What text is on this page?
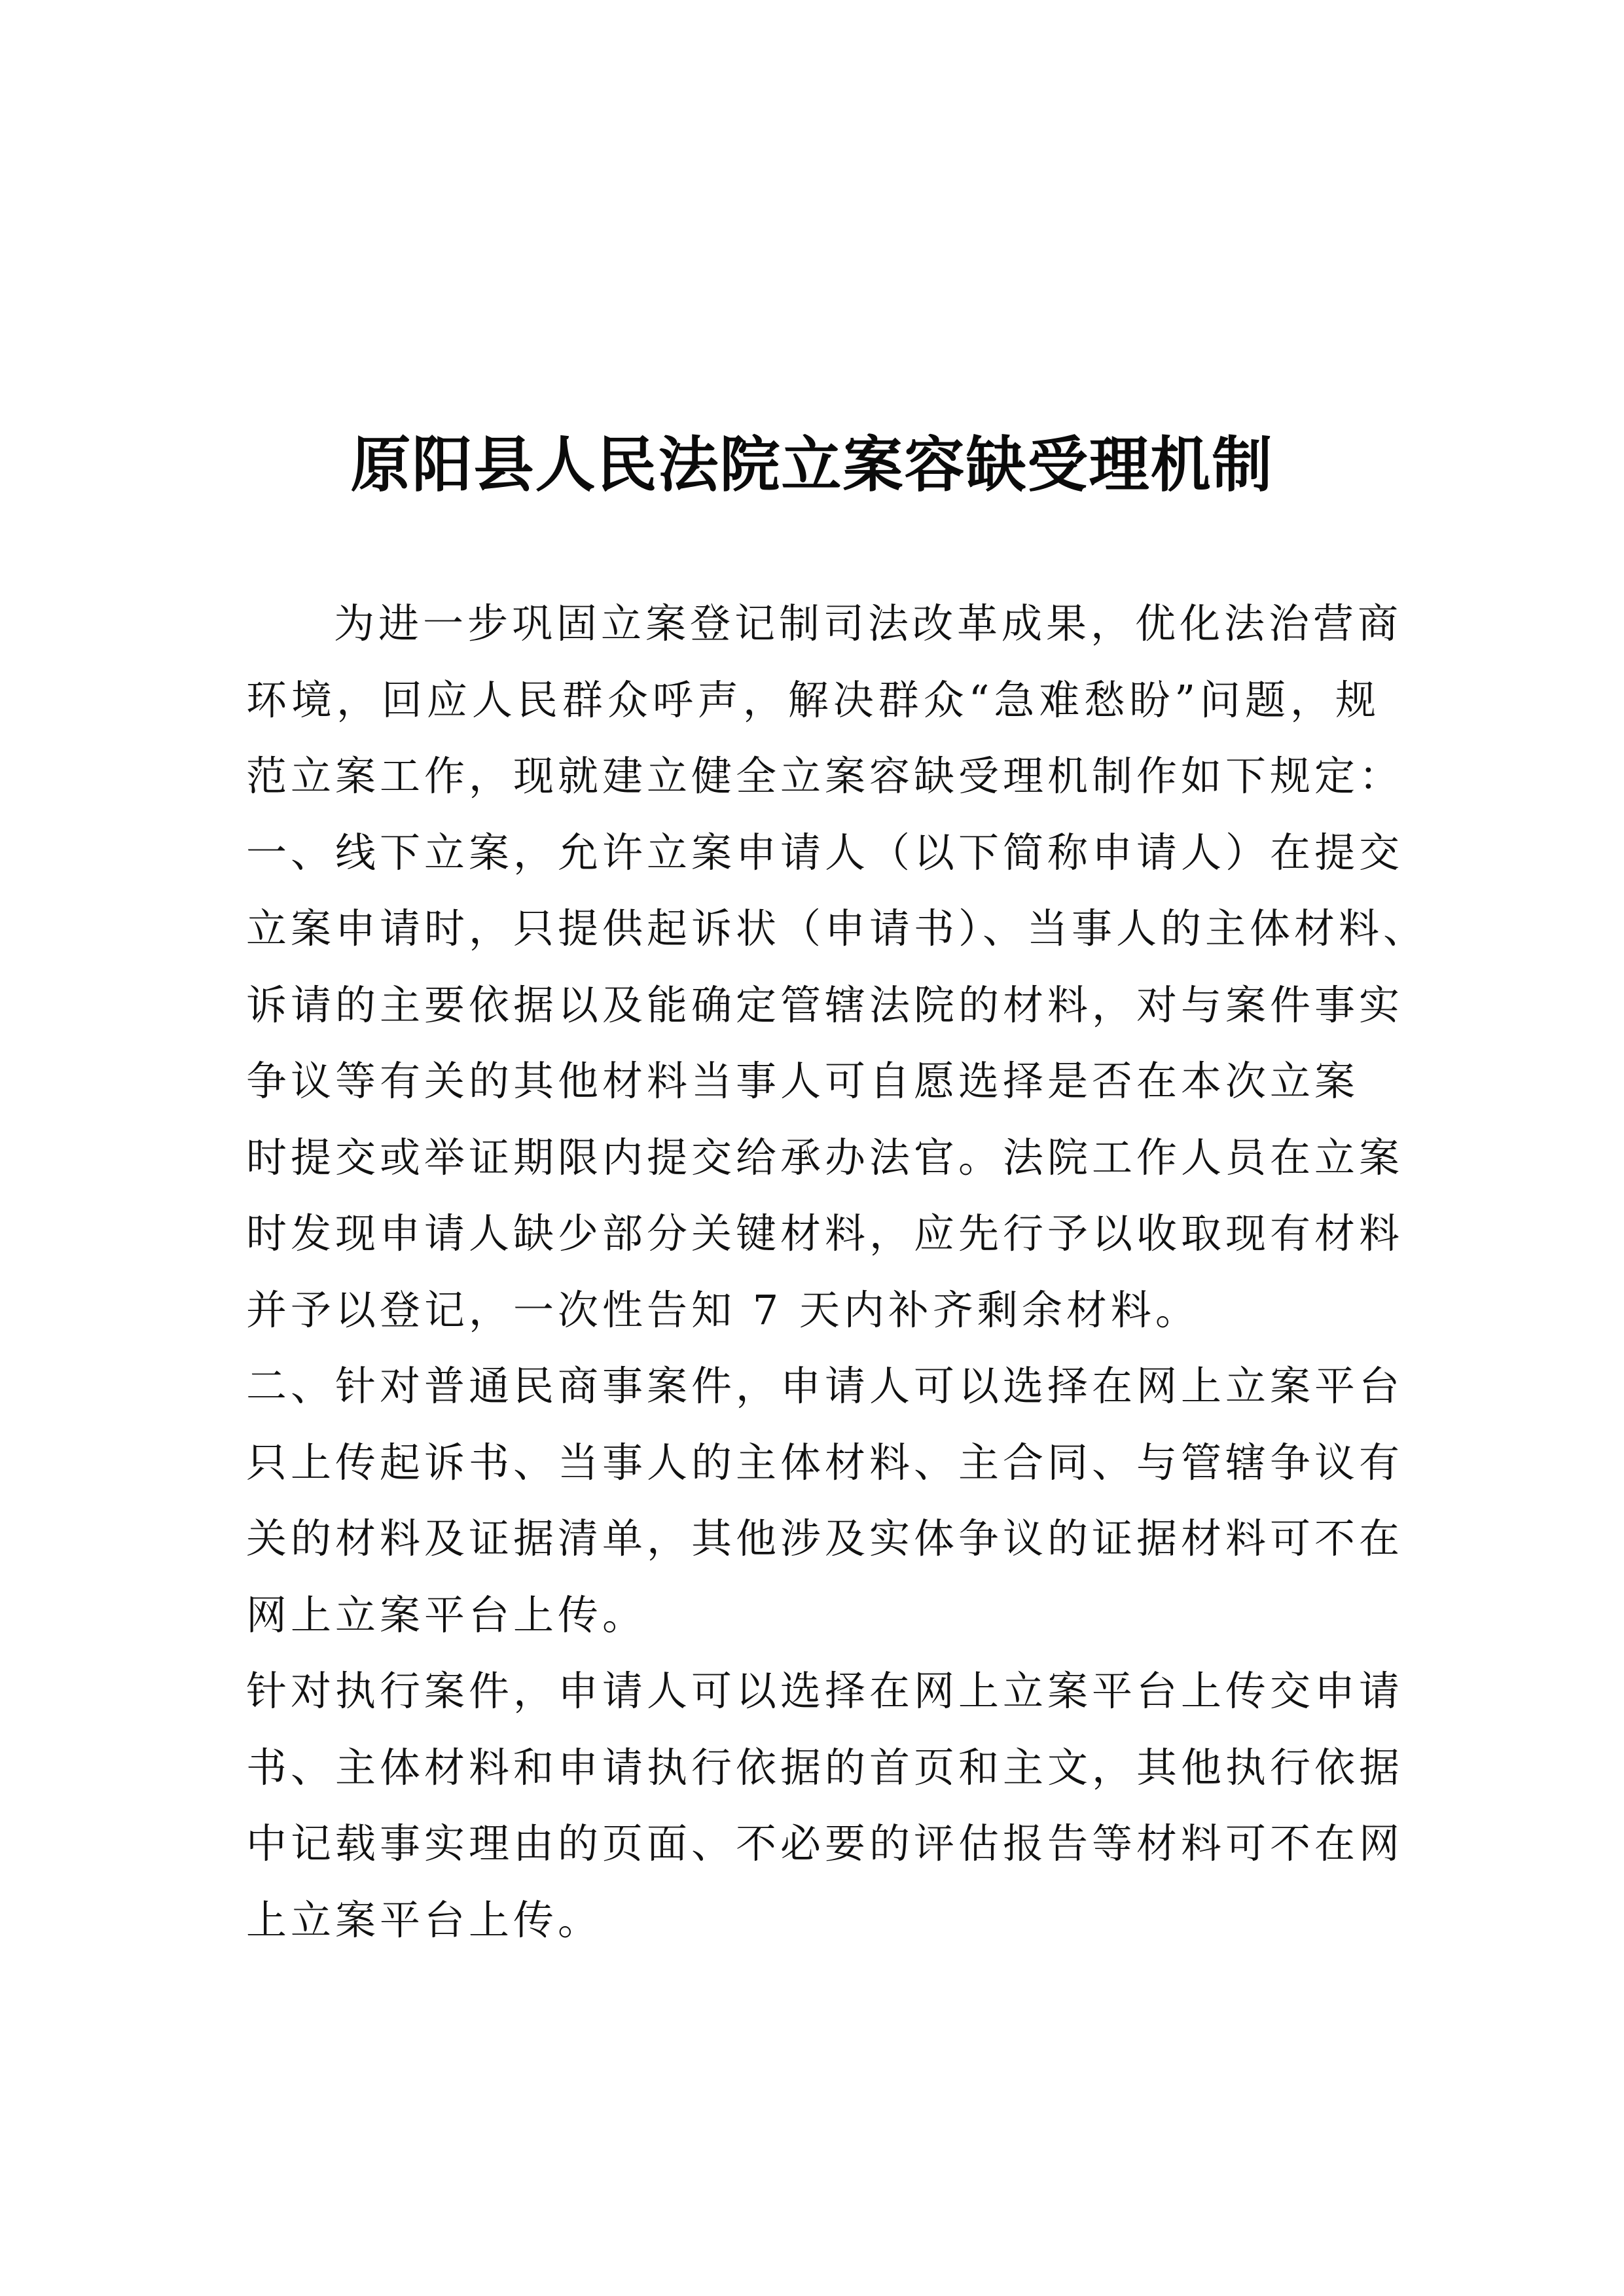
原阳县人民法院立案容缺受理机制
为进一步巩固立案登记制司法改革成果，优化法治营商
环境，回应人民群众呼声，解决群众“急难愁盼”问题，规
范立案工作，现就建立健全立案容缺受理机制作如下规定：
一、线下立案，允许立案申请人（以下简称申请人）在提交
立案申请时，只提供起诉状（申请书）、当事人的主体材料、
诉请的主要依据以及能确定管辖法院的材料，对与案件事实
争议等有关的其他材料当事人可自愿选择是否在本次立案
时提交或举证期限内提交给承办法官。法院工作人员在立案
时发现申请人缺少部分关键材料，应先行予以收取现有材料
并予以登记，一次性告知 7 天内补齐剩余材料。
二、针对普通民商事案件，申请人可以选择在网上立案平台
只上传起诉书、当事人的主体材料、主合同、与管辖争议有
关的材料及证据清单，其他涉及实体争议的证据材料可不在
网上立案平台上传。
针对执行案件，申请人可以选择在网上立案平台上传交申请
书、主体材料和申请执行依据的首页和主文，其他执行依据
中记载事实理由的页面、不必要的评估报告等材料可不在网
上立案平台上传。
